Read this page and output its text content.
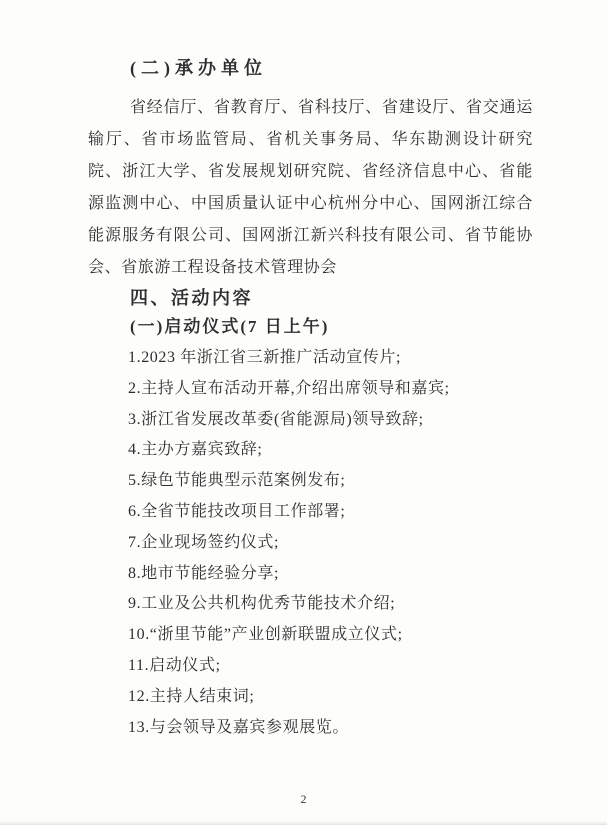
(二)承办单位

省经信厅、省教育厅、省科技厅、省建设厅、省交通运输厅、省市场监管局、省机关事务局、华东勘测设计研究院、浙江大学、省发展规划研究院、省经济信息中心、省能源监测中心、中国质量认证中心杭州分中心、国网浙江综合能源服务有限公司、国网浙江新兴科技有限公司、省节能协会、省旅游工程设备技术管理协会

四、活动内容
(一)启动仪式(7 日上午)
1.2023 年浙江省三新推广活动宣传片;
2.主持人宣布活动开幕,介绍出席领导和嘉宾;
3.浙江省发展改革委(省能源局)领导致辞;
4.主办方嘉宾致辞;
5.绿色节能典型示范案例发布;
6.全省节能技改项目工作部署;
7.企业现场签约仪式;
8.地市节能经验分享;
9.工业及公共机构优秀节能技术介绍;
10.“浙里节能”产业创新联盟成立仪式;
11.启动仪式;
12.主持人结束词;
13.与会领导及嘉宾参观展览。
2
